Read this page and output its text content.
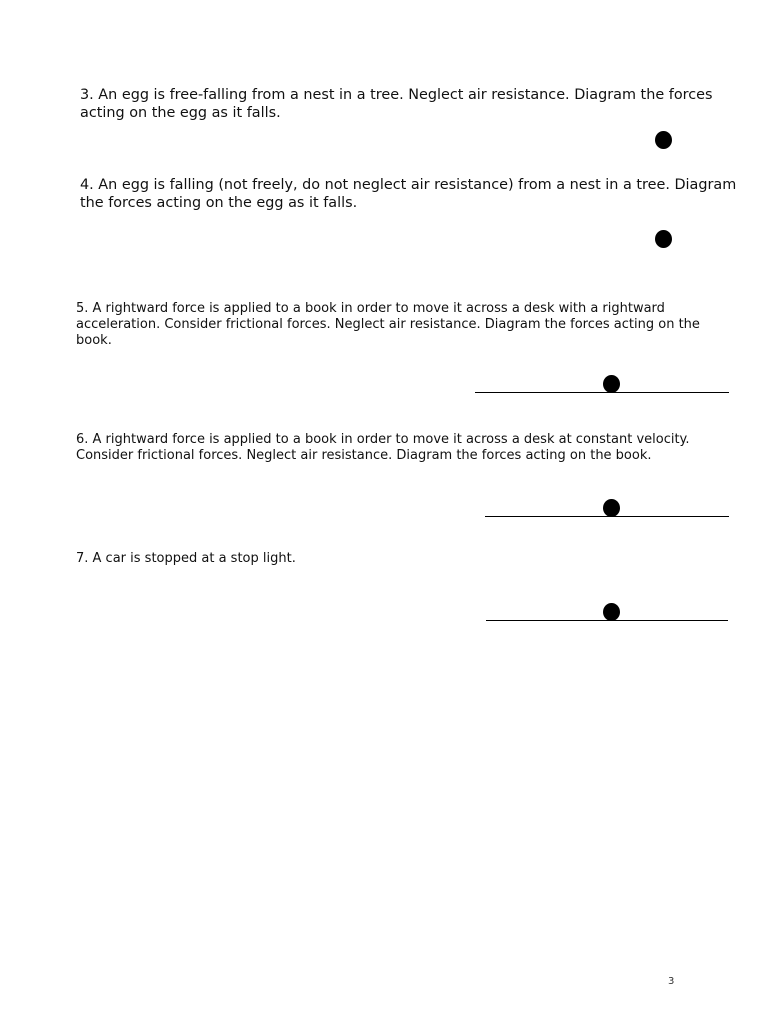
3. An egg is free-falling from a nest in a tree. Neglect air resistance. Diagram the forces acting on the egg as it falls.

4. An egg is falling (not freely, do not neglect air resistance) from a nest in a tree. Diagram the forces acting on the egg as it falls.

5. A rightward force is applied to a book in order to move it across a desk with a rightward acceleration. Consider frictional forces. Neglect air resistance. Diagram the forces acting on the book.

6. A rightward force is applied to a book in order to move it across a desk at constant velocity. Consider frictional forces. Neglect air resistance. Diagram the forces acting on the book.

7. A car is stopped at a stop light.

3
